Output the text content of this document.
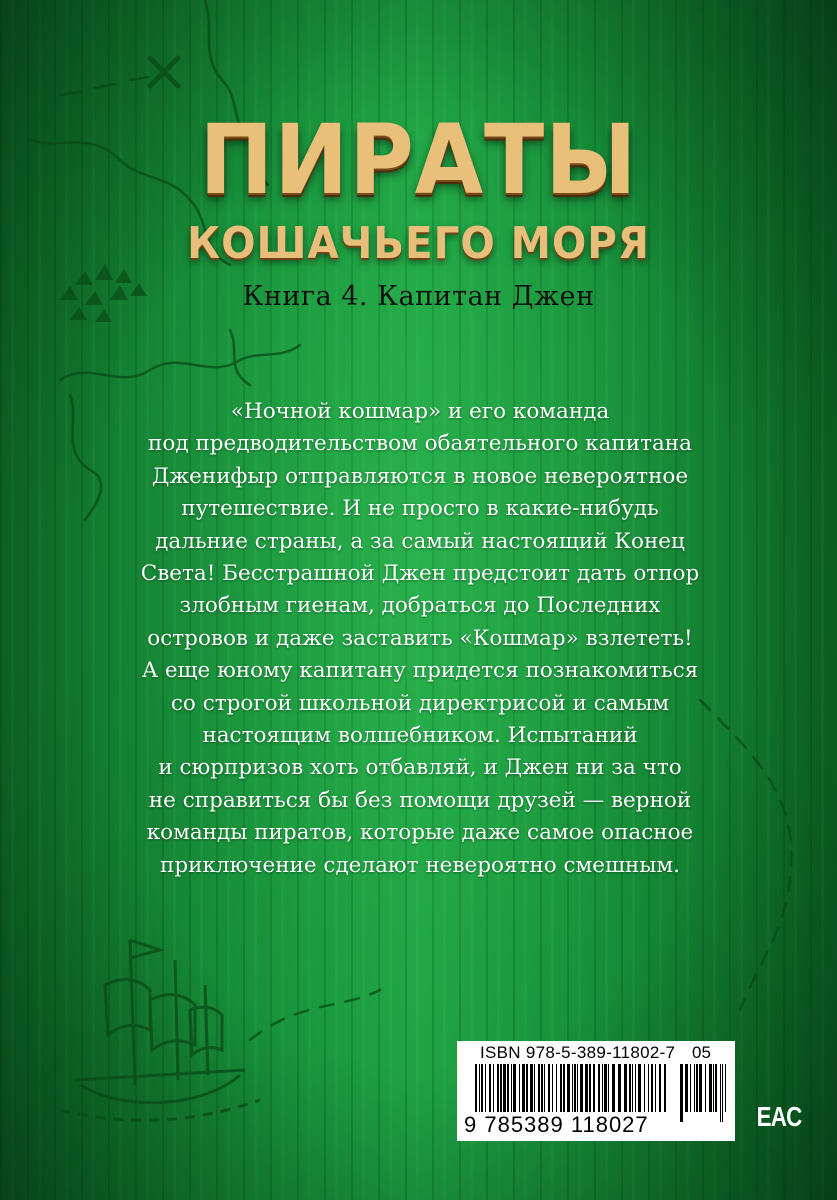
ПИРАТЫ
КОШАЧЬЕГО МОРЯ
Книга 4. Капитан Джен
«Ночной кошмар» и его команда
под предводительством обаятельного капитана
Дженифыр отправляются в новое невероятное
путешествие. И не просто в какие-нибудь
дальние страны, а за самый настоящий Конец
Света! Бесстрашной Джен предстоит дать отпор
злобным гиенам, добраться до Последних
островов и даже заставить «Кошмар» взлететь!
А еще юному капитану придется познакомиться
со строгой школьной директрисой и самым
настоящим волшебником. Испытаний
и сюрпризов хоть отбавляй, и Джен ни за что
не справиться бы без помощи друзей — верной
команды пиратов, которые даже самое опасное
приключение сделают невероятно смешным.
ISBN 978-5-389-11802-7 05
9 785389 118027	EAC
